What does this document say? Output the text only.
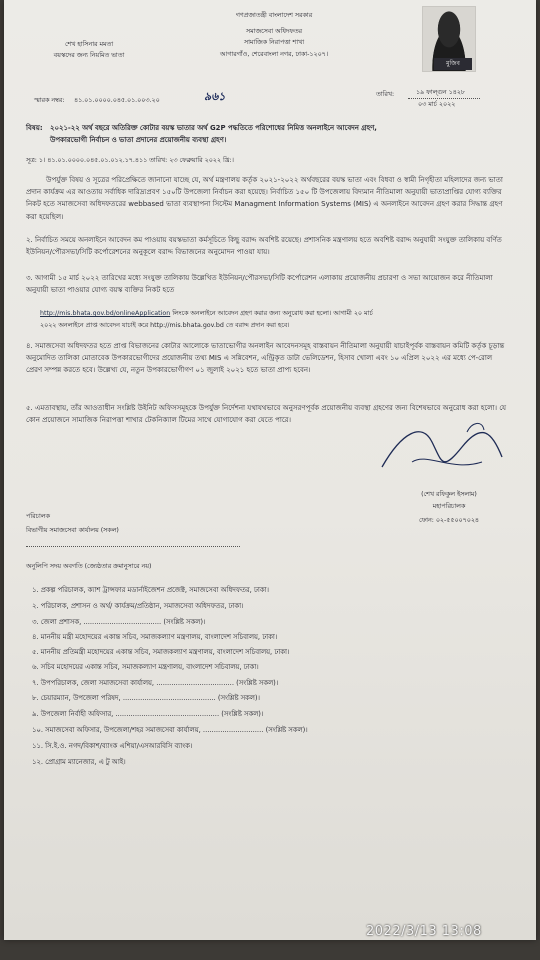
শেখ হাসিনার মমতা
বয়স্কদের জন্য নিয়মিত ভাতা
গণপ্রজাতন্ত্রী বাংলাদেশ সরকার
সমাজসেবা অধিদফতর
সামাজিক নিরাপত্তা শাখা
আগারগাঁও, শেরেবাংলা নগর, ঢাকা-১২০৭।
মুজিব
স্মারক নম্বর: ৪১.০১.০০০০.০৪৫.০১.০০৩.২০	৯৬১	তারিখ:	১৯ ফাল্গুন ১৪২৮
০৩ মার্চ ২০২২
বিষয়: ২০২১-২২ অর্থ বছরে অতিরিক্ত কোটার বয়স্ক ভাতার অর্থ G2P পদ্ধতিতে পরিশোধের নিমিত্ত অনলাইনে আবেদন গ্রহণ,
উপকারভোগী নির্বাচন ও ভাতা প্রদানের প্রয়োজনীয় ব্যবস্থা গ্রহণ।
সূত্র: ১। ৪১.০১.০০০০.০৪৫.০১.০১২.১৭.৪১১ তারিখ: ২৩ ফেব্রুয়ারি ২০২২ খ্রি:।
উপর্যুক্ত বিষয় ও সূত্রের পরিপ্রেক্ষিতে জানানো যাচ্ছে যে, অর্থ মন্ত্রণালয় কর্তৃক ২০২১-২০২২ অর্থবছরের বয়স্ক ভাতা এবং বিধবা ও স্বামী নিগৃহীতা মহিলাদের জন্য ভাতা প্রদান কার্যক্রম এর আওতায় সর্বাধিক দারিদ্র্যপ্রবণ ১৫০টি উপজেলা নির্বাচন করা হয়েছে। নির্বাচিত ১৫০ টি উপজেলায় বিদ্যমান নীতিমালা অনুযায়ী ভাতাপ্রাপ্তির যোগ্য ব্যক্তির নিকট হতে সমাজসেবা অধিদফতরের webbased ভাতা ব্যবস্থাপনা সিস্টেম Managment Information Systems (MIS) এ অনলাইনে আবেদন গ্রহণ করার সিদ্ধান্ত গ্রহণ করা হয়েছিল।
২. নির্বাচিত সময়ে অনলাইনে আবেদন কম পাওয়ায় বয়স্কভাতা কর্মসূচিতে কিছু বরাদ্দ অবশিষ্ট রয়েছে। প্রশাসনিক মন্ত্রণালয় হতে অবশিষ্ট বরাদ্দ অনুযায়ী সংযুক্ত তালিকায় বর্ণিত ইউনিয়ন/পৌরসভা/সিটি কর্পোরেশনের অনুকূলে বরাদ্দ বিভাজনের অনুমোদন পাওয়া যায়।
৩. আগামী ১৫ মার্চ ২০২২ তারিখের মধ্যে সংযুক্ত তালিকায় উল্লেখিত ইউনিয়ন/পৌরসভা/সিটি কর্পোরেশন এলাকায় প্রয়োজনীয় প্রচারণা ও সভা আয়োজন করে নীতিমালা অনুযায়ী ভাতা পাওয়ার যোগ্য বয়স্ক ব্যক্তির নিকট হতে
http://mis.bhata.gov.bd/onlineApplication লিংকে অনলাইনে আবেদন গ্রহণ করার জন্য অনুরোধ করা হলো। আগামী ২০ মার্চ
২০২২ অনলাইনে প্রাপ্ত আবেদন যাচাই করে http://mis.bhata.gov.bd তে বরাদ্দ প্রদান করা হবে।
৪. সমাজসেবা অধিদফতর হতে প্রাপ্ত বিভাজনের কোটার আলোকে ভাতাভোগীর অনলাইন আবেদনসমূহ বাস্তবায়ন নীতিমালা অনুযায়ী যাচাইপূর্বক বাস্তবায়ন কমিটি কর্তৃক চূড়ান্ত অনুমোদিত তালিকা মোতাবেক উপকারভোগীদের প্রয়োজনীয় তথ্য MIS এ সন্নিবেশন, এন্ট্রিকৃত ডাটা ভেলিডেশন, হিসাব খোলা এবং ১০ এপ্রিল ২০২২ এর মধ্যে পে-রোল প্রেরণ সম্পন্ন করতে হবে। উল্লেখ্য যে, নতুন উপকারভোগীগণ ০১ জুলাই ২০২১ হতে ভাতা প্রাপ্য হবেন।
৫. এমতাবস্থায়, তাঁর আওতাধীন সংশ্লিষ্ট উইনিট অফিসসমূহকে উপর্যুক্ত নির্দেশনা যথাযথভাবে অনুসরণপূর্বক প্রয়োজনীয় ব্যবস্থা গ্রহণের জন্য বিশেষভাবে অনুরোধ করা হলো। যে কোন প্রয়োজনে সামাজিক নিরাপত্তা শাখার টেকনিক্যাল টিমের সাথে যোগাযোগ করা যেতে পারে।
(শেখ রফিকুল ইসলাম)
মহাপরিচালক
ফোন: ০২-৫৫০০৭০২৪
পরিচালক
বিভাগীয় সমাজসেবা কার্যালয় (সকল)
অনুলিপি সদয় অবগতি (জ্যেষ্ঠতার ক্রমানুসারে নয়)
১. প্রকল্প পরিচালক, ক্যাশ ট্রান্সফার মডার্নাইজেশন প্রজেক্ট, সমাজসেবা অধিদফতর, ঢাকা।
২. পরিচালক, প্রশাসন ও অর্থ/ কার্যক্রম/প্রতিষ্ঠান, সমাজসেবা অধিদফতর, ঢাকা।
৩. জেলা প্রশাসক, .................................... (সংশ্লিষ্ট সকল)।
৪. মাননীয় মন্ত্রী মহোদয়ের একান্ত সচিব, সমাজকল্যাণ মন্ত্রণালয়, বাংলাদেশ সচিবালয়, ঢাকা।
৫. মাননীয় প্রতিমন্ত্রী মহোদয়ের একান্ত সচিব, সমাজকল্যাণ মন্ত্রণালয়, বাংলাদেশ সচিবালয়, ঢাকা।
৬. সচিব মহোদয়ের একান্ত সচিব, সমাজকল্যাণ মন্ত্রণালয়, বাংলাদেশ সচিবালয়, ঢাকা।
৭. উপপরিচালক, জেলা সমাজসেবা কার্যালয়, .................................... (সংশ্লিষ্ট সকল)।
৮. চেয়ারম্যান, উপজেলা পরিষদ, ........................................... (সংশ্লিষ্ট সকল)।
৯. উপজেলা নির্বাহী অফিসার, ................................................ (সংশ্লিষ্ট সকল)।
১০. সমাজসেবা অফিসার, উপজেলা/শহর সমাজসেবা কার্যালয়, ............................ (সংশ্লিষ্ট সকল)।
১১. সি.ই.ও. নগদ/বিকাশ/ব্যাংক এশিয়া/এসআরবিসি ব্যাংক।
১২. প্রোগ্রাম ম্যানেজার, এ টু আই।
2022/3/13 13:08
